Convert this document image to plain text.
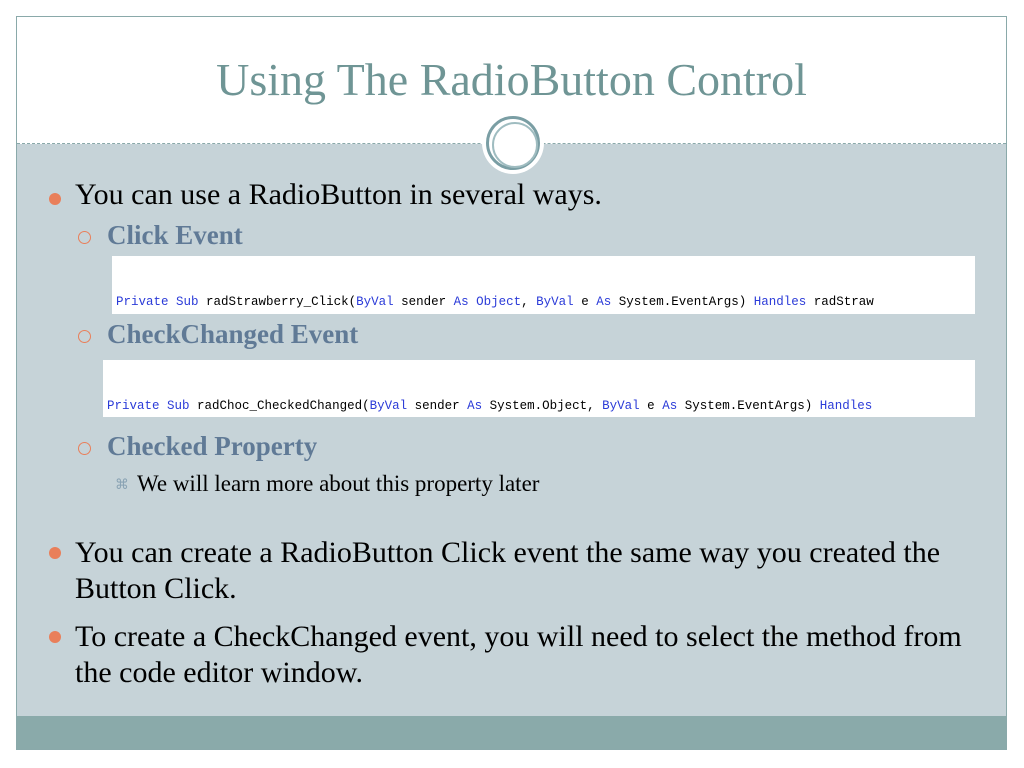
Using The RadioButton Control
You can use a RadioButton in several ways.
Click Event

Private Sub radStrawberry_Click(ByVal sender As Object, ByVal e As System.EventArgs) Handles radStraw

CheckChanged Event

Private Sub radChoc_CheckedChanged(ByVal sender As System.Object, ByVal e As System.EventArgs) Handles

Checked Property
⌘ We will learn more about this property later
You can create a RadioButton Click event the same way you created the Button Click.
To create a CheckChanged event, you will need to select the method from the code editor window.
